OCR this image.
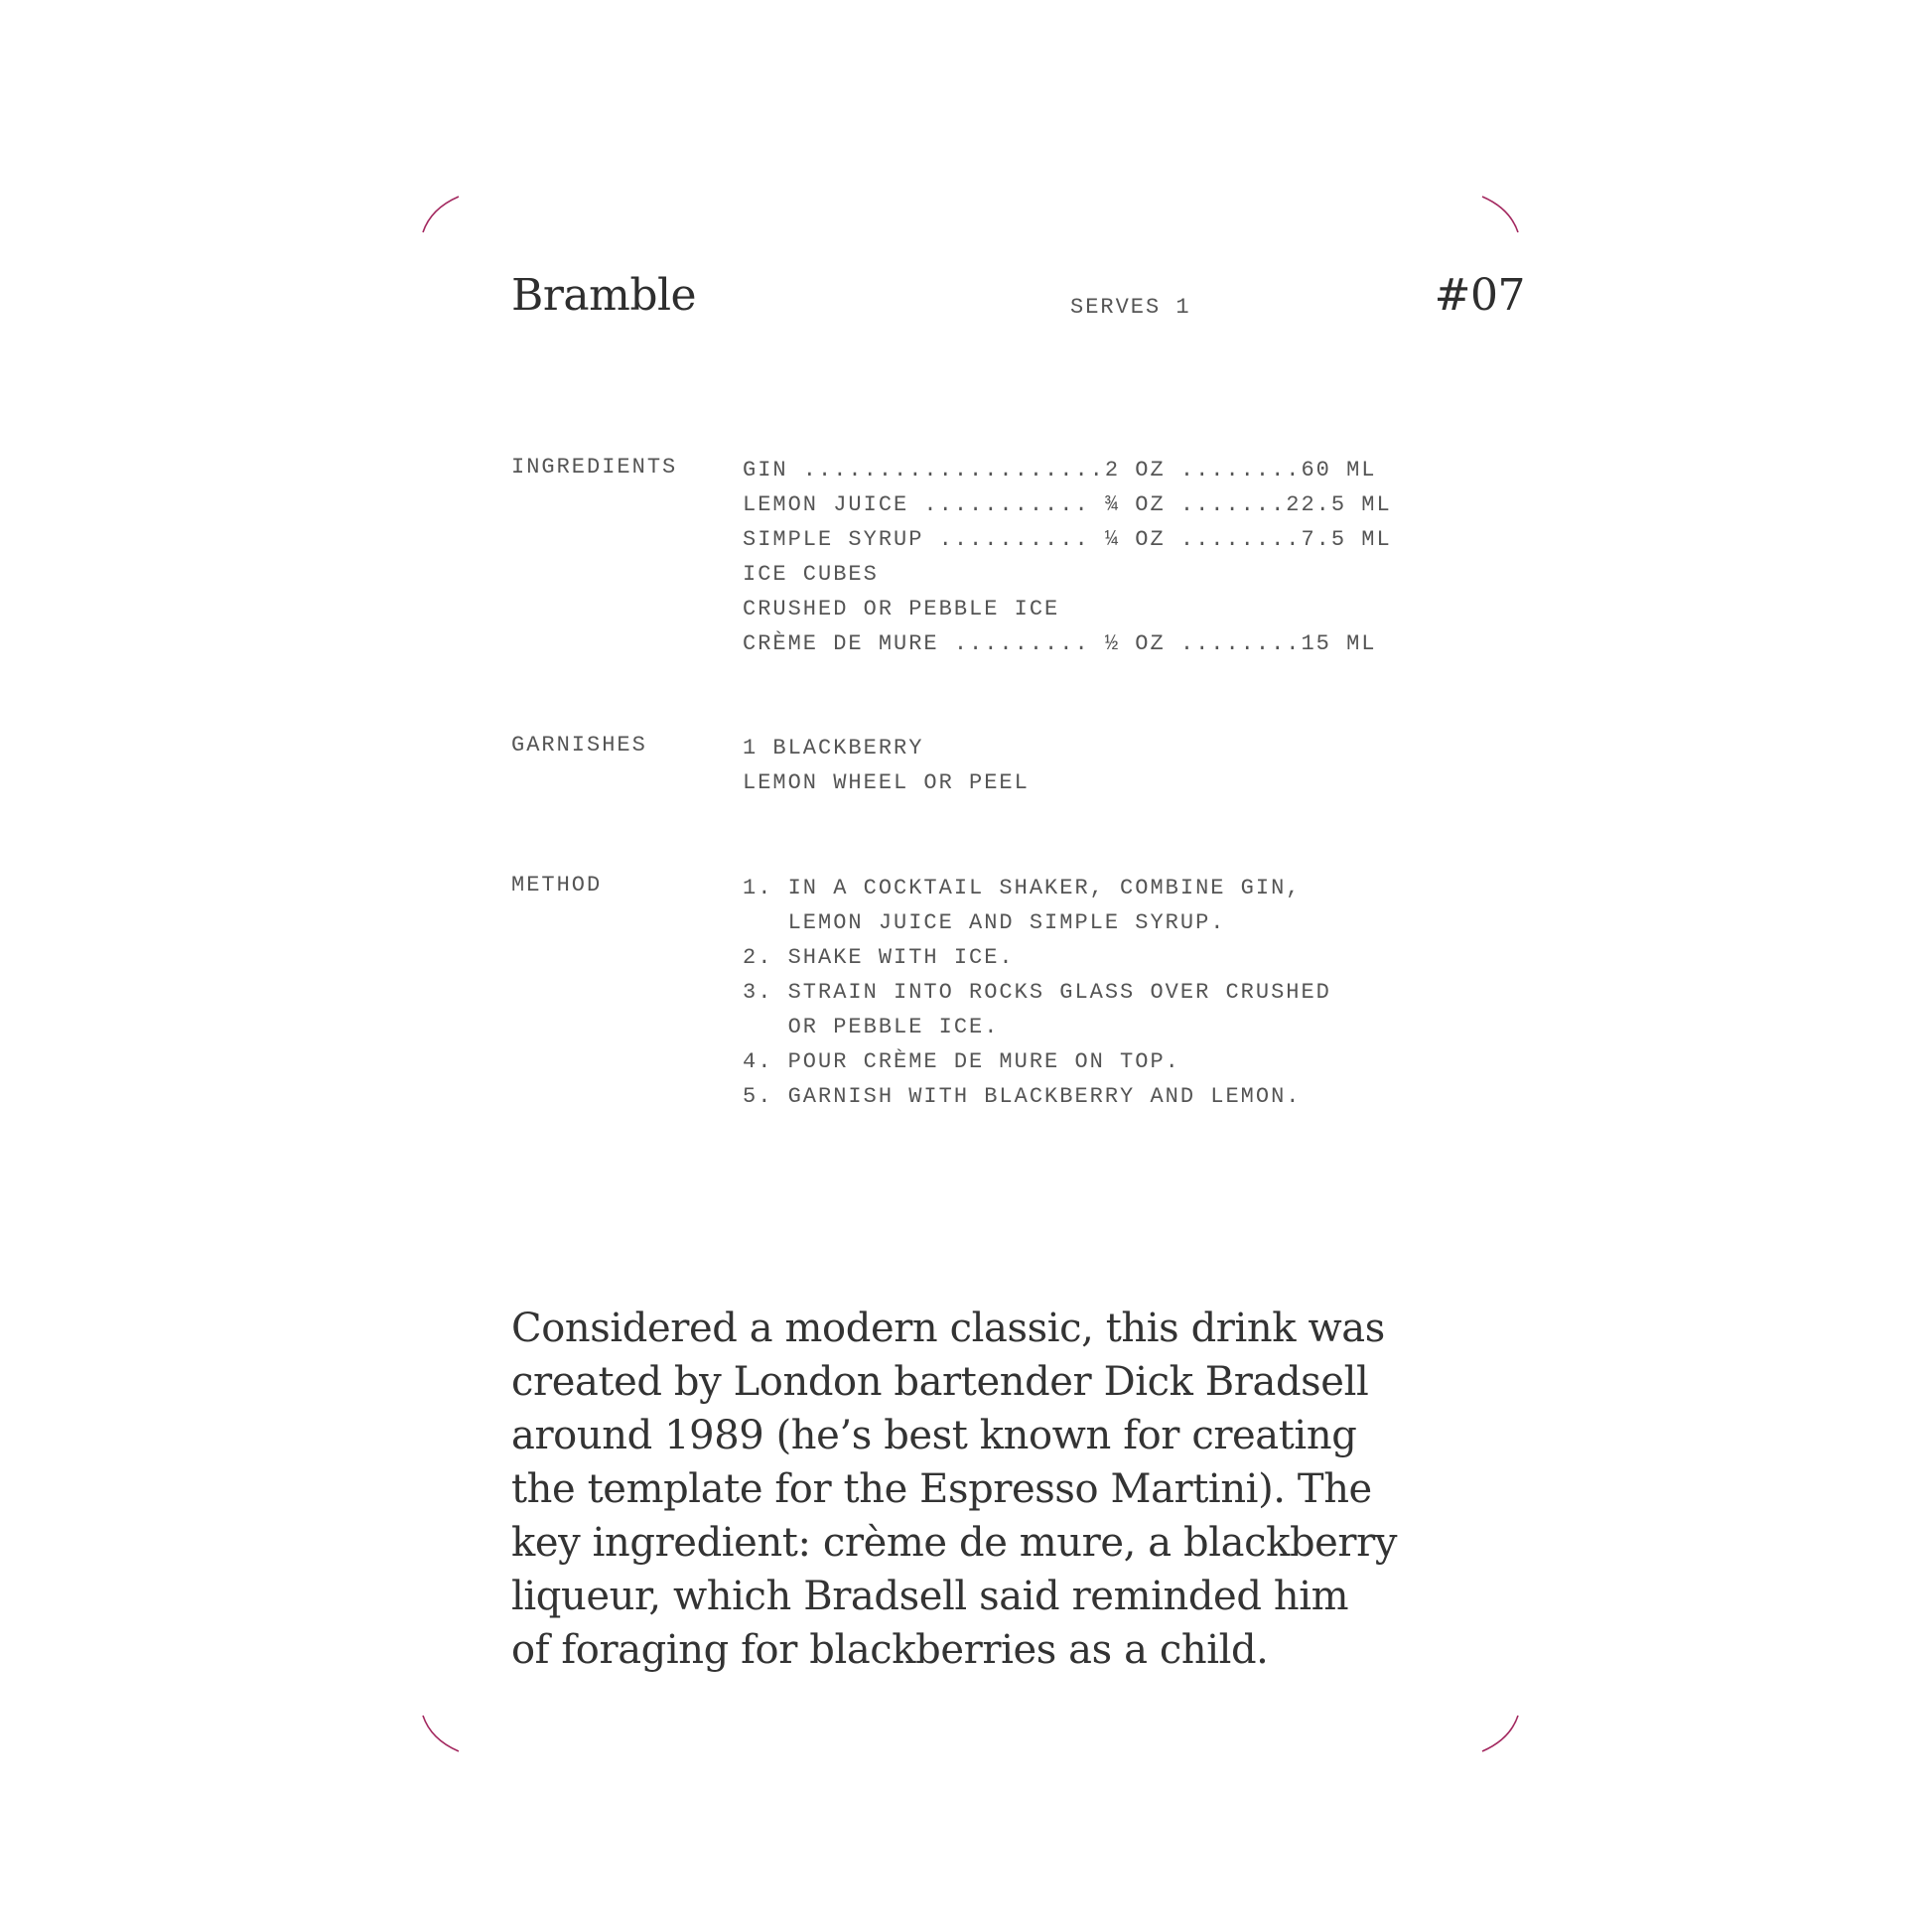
Bramble	SERVES 1	#07
INGREDIENTS	GIN ....................2 OZ ........60 ML
LEMON JUICE ........... ¾ OZ .......22.5 ML
SIMPLE SYRUP .......... ¼ OZ ........7.5 ML
ICE CUBES
CRUSHED OR PEBBLE ICE
CRÈME DE MURE ......... ½ OZ ........15 ML
GARNISHES	1 BLACKBERRY
LEMON WHEEL OR PEEL
METHOD	1. IN A COCKTAIL SHAKER, COMBINE GIN,
LEMON JUICE AND SIMPLE SYRUP.
2. SHAKE WITH ICE.
3. STRAIN INTO ROCKS GLASS OVER CRUSHED
OR PEBBLE ICE.
4. POUR CRÈME DE MURE ON TOP.
5. GARNISH WITH BLACKBERRY AND LEMON.
Considered a modern classic, this drink was
created by London bartender Dick Bradsell
around 1989 (he’s best known for creating
the template for the Espresso Martini). The
key ingredient: crème de mure, a blackberry
liqueur, which Bradsell said reminded him
of foraging for blackberries as a child.
